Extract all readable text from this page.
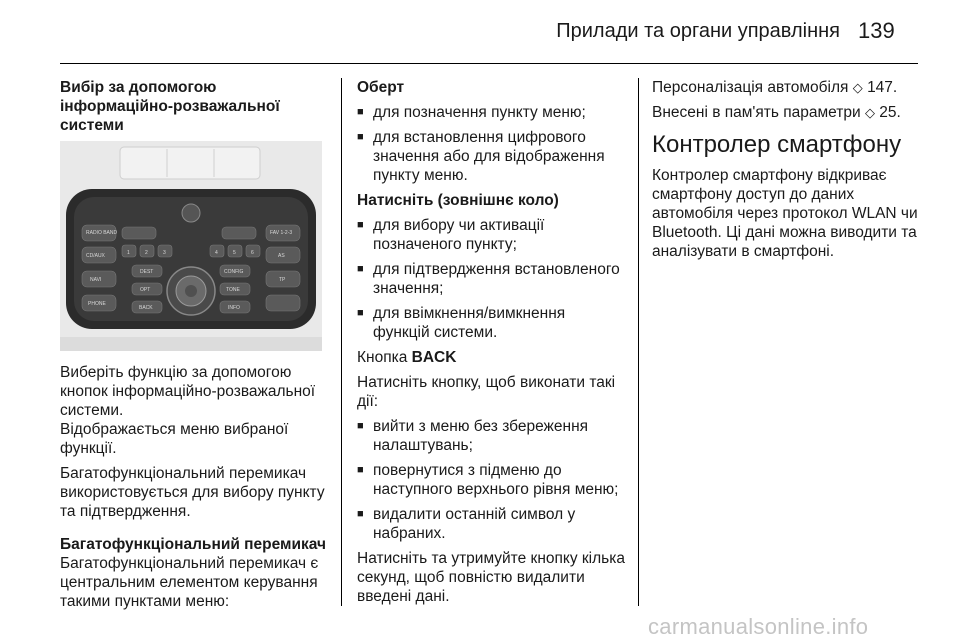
Прилади та органи управління 139
Вибір за допомогою інформаційно-розважальної системи
RADIO BAND
CD/AUX
NAVI
PHONE
FAV 1-2-3
AS
TP
DEST	CONFIG
INFO
TONE
BACK
OPT
1	2	3	4	5	6
Виберіть функцію за допомогою кнопок інформаційно-розважальної системи.

Відображається меню вибраної функції.

Багатофункціональний перемикач використовується для вибору пункту та підтвердження.

Багатофункціональний перемикач

Багатофункціональний перемикач є центральним елементом керування такими пунктами меню:

Оберт
■ для позначення пункту меню;
■ для встановлення цифрового значення або для відображення пункту меню.
Натисніть (зовнішнє коло)
■ для вибору чи активації позначеного пункту;
■ для підтвердження встановленого значення;
■ для ввімкнення/вимкнення функцій системи.

Кнопка BACK

Натисніть кнопку, щоб виконати такі дії:

■ вийти з меню без збереження налаштувань;
■ повернутися з підменю до наступного верхнього рівня меню;
■ видалити останній символ у набраних.

Натисніть та утримуйте кнопку кілька секунд, щоб повністю видалити введені дані.

Персоналізація автомобіля ◇ 147.

Внесені в пам'ять параметри ◇ 25.

Контролер смартфону

Контролер смартфону відкриває смартфону доступ до даних автомобіля через протокол WLAN чи Bluetooth. Ці дані можна виводити та аналізувати в смартфоні.

carmanualsonline.info
